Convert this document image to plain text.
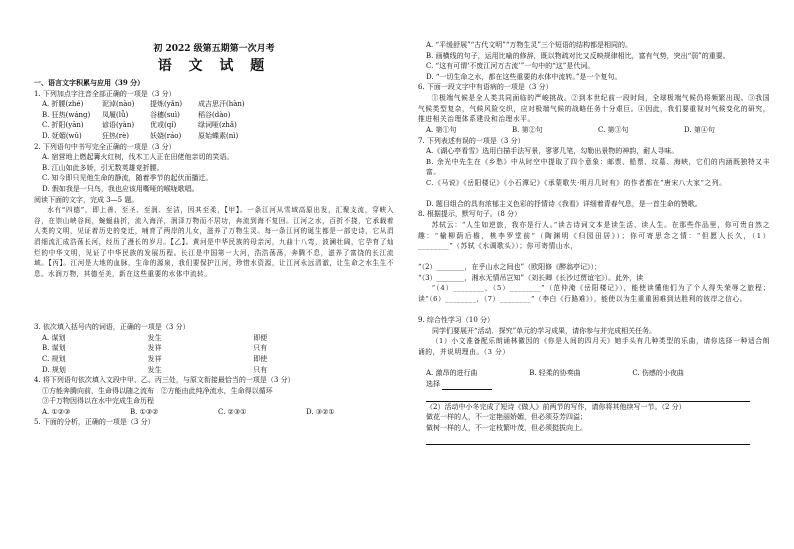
初 2022 级第五期第一次月考
语 文 试 题
一、语言文字积累与应用（39 分）
1. 下列加点字注音全部正确的一项是（3 分）
A. 折腰(zhé)	泥淖(nào)	提炼(yǎn)	成吉思汗(hàn)
B. 狂热(wáng)	凤履(lǚ)	谷穗(suì)	稻谷(dào)
C. 折阳(yān)	谚语(yàn)	优或(qí)	绿词哑(zhǎ)
D. 妩媚(wǔ)	狂热(rè)	妖娆(ráo)	原始蝶素(nì)
2. 下列语句中书写完全正确的一项是（3 分）
A. 宿营地上燃起篝火红树，伐木工人正在田佬他亲切的笑语。
B. 江山如此多娇，引无数英雄竞折腰。
C. 知今即只见他生命的静流，随着季节的起伏而播迁。
D. 假如我是一只鸟，我也应该用嘶哑的喉咙歌唱。
阅读下面的文字，完成 3—5 题。

水有“四德”，即上善、至圣、至润、至洁，因其至柔，【甲】。一条江河从雪域高原出发，汇聚支流，穿峡入谷，在崇山峡谷间，蜿蜒曲折，流入海洋，润泽万物而不居功，奔流到海不复回。江河之水，百折不挠，它承载着人类的文明，见证着历史的变迁，哺育了两岸的儿女，滋养了万物生灵。每一条江河的诞生都是一部史诗，它从涓涓细流汇成浩荡长河，经历了漫长的岁月。【乙】。黄河是中华民族的母亲河，九曲十八弯，波澜壮阔，它孕育了灿烂的中华文明，见证了中华民族的发展历程。长江是中国第一大河，浩浩荡荡，奔腾不息，滋养了富饶的长江流域。【丙】。江河是大地的血脉，生命的源泉，我们要保护江河，珍惜水资源，让江河永远清澈，让生命之水生生不息。水润万物，其德至美，新在这些重要的水体中流转。

3. 依次填入括号内的词语，正确的一项是（3 分）
A. 谋划	发生	即便
B. 谋划	发祥	只有
C. 规划	发祥	即使
D. 规划	发生	只有
4. 将下列语句依次填入文段中甲、乙、丙三处，与原文衔接最恰当的一项是（3 分）
①方能奔腾向前，生命得以随之流布 ②方能由此纯净流水，生命得以循环
③千万物因得以在水中完成生命历程
A. ①②③	B. ①③②	C. ②③①	D. ③②①
5. 下面的分析，正确的一项是（3 分）
A. “平缓舒展”“古代文明”“万物生灵”三个短语的结构都是相同的。
B. 画横线的句子，运用比喻的修辞，既以物疏对比又反映规律相比，富有气势，突出“弱”的重要。
C. “这有可谓‘不废江河万古流’”一句中的“这”是代词。
D. “一切生命之水，都在这些重要的水体中流转。”是一个复句。
6. 下面一段文字中有语病的一项是（3 分）

①极端气候是全人类共同面临的严峻挑战。②到本世纪前一段时间，全球极端气候仍将频繁出现。③我国气候类型复杂，气候风险交织，应对极端气候的战略任务十分艰巨。④因此，我们要重视对气候变化的研究，推进相关治理体系建设和治理水平。

A. 第①句	B. 第②句	C. 第③句	D. 第④句
7. 下列表述有误的一项是（3 分）
A.《湖心亭看雪》选用白描手法写景，寥寥几笔，勾勒出景物的神韵，耐人寻味。

B. 余光中先生在《乡愁》中从时空中提取了四个意象：邮票、船票、坟墓、海峡，它们的内涵既独特又丰富。

C.《马说》《岳阳楼记》《小石潭记》《承蒙歌失·明月几时有》的作者都在“唐宋八大家”之列。

D. 题目组合的具有浓郁主义色彩的抒情诗《我看》详细着青春气息，是一首生命的赞歌。
8. 根据提示，默写句子。（8 分）

苏轼云：“人生如逆旅，我亦是行人。”读古诗词文本是读生活、读人生。在那些作品里，你可贵自然之趣：“榆柳荫后檐，桃李罗堂前”（陶渊明《归园田居》）；你可寄思念之情：“但愿人长久，（1）________”（苏轼《水调歌头》）；你可寄情山水，

“（2）________，在乎山水之间也”（欧阳修《醉翁亭记》）；
“（3）________，湘水无情吊岂知”（刘长卿《长沙过贾谊宅》）。此外，读

“（4）________，（5）________”（范仲淹《岳阳楼记》），能使读懂他们为了个人得失荣辱之旅程；读“（6）________，（7）________”（李白《行路难》），能使以为生重重困难到达胜利的彼岸之信心。

9. 综合性学习（10 分）
同学们要展开“活动．探究”单元的学习成果，请你参与并完成相关任务。

（1）小文准备配乐朗诵林徽因的《你是人间的四月天》她手头有几种类型的乐曲，请你选择一种适合朗诵的，并说明理由。（3 分）

A. 激昂的进行曲	B. 轻柔的协奏曲	C. 伤感的小夜曲
选择
（2）活动中小冬完成了短诗《做人》前两节的写作，请你将其他续写一节。（2 分）
做花一样的人，不一定艳丽娇媚，但必须芬芳四溢；
做树一样的人，不一定枝繁叶茂，但必须挺拔向上。
